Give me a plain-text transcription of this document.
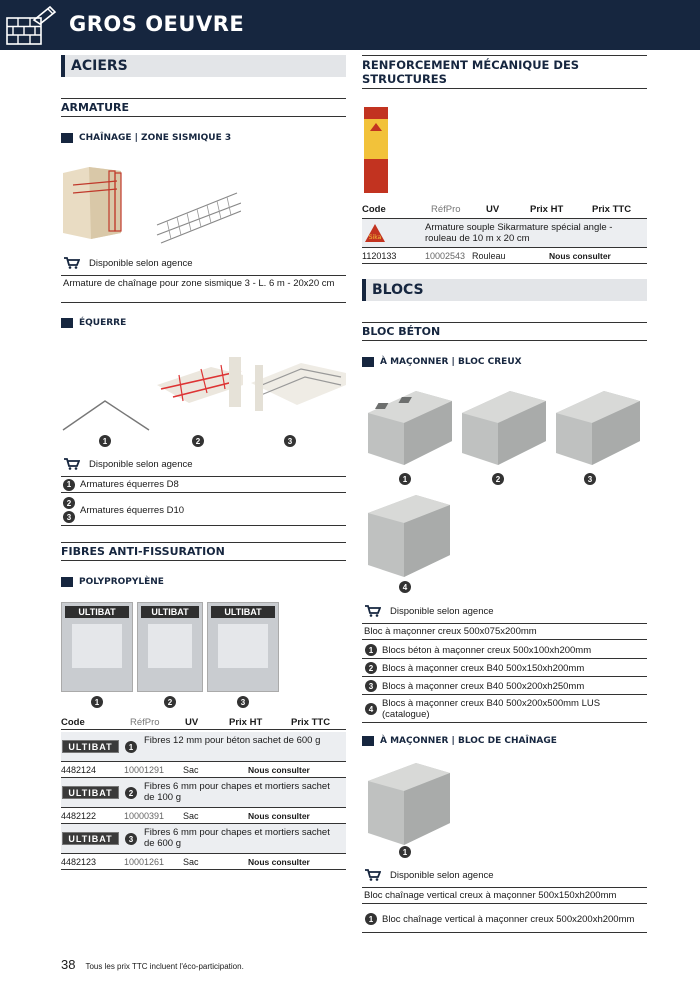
GROS OEUVRE
ACIERS
ARMATURE
CHAÎNAGE | ZONE SISMIQUE 3
Disponible selon agence
Armature de chaînage pour zone sismique 3 - L. 6 m - 20x20 cm
ÉQUERRE
1	2	3
Disponible selon agence
1 Armatures équerres D8
2
3
Armatures équerres D10
FIBRES ANTI-FISSURATION
POLYPROPYLÈNE
ULTIBAT	ULTIBAT	ULTIBAT
1	2	3
Code	RéfPro	UV	Prix HT	Prix TTC
ULTIBAT	1
Fibres 12 mm pour béton sachet de 600 g
4482124	10001291 Sac	Nous consulter
ULTIBAT	2
Fibres 6 mm pour chapes et mortiers sachet de 100 g
4482122	10000391 Sac	Nous consulter
ULTIBAT	3
Fibres 6 mm pour chapes et mortiers sachet de 600 g
4482123	10001261 Sac	Nous consulter
RENFORCEMENT MÉCANIQUE DES STRUCTURES
Code	RéfPro	UV	Prix HT	Prix TTC
Sika
Armature souple Sikarmature spécial angle - rouleau de 10 m x 20 cm
1120133	10002543 Rouleau	Nous consulter
BLOCS
BLOC BÉTON
À MAÇONNER | BLOC CREUX
1	2	3
4
Disponible selon agence
Bloc à maçonner creux 500x075x200mm
1 Blocs béton à maçonner creux 500x100xh200mm
2 Blocs à maçonner creux B40 500x150xh200mm
3 Blocs à maçonner creux B40 500x200xh250mm
4 Blocs à maçonner creux B40 500x200x500mm LUS (catalogue)
À MAÇONNER | BLOC DE CHAÎNAGE
1
Disponible selon agence
Bloc chaînage vertical creux à maçonner 500x150xh200mm
1 Bloc chaînage vertical à maçonner creux 500x200xh200mm
38 Tous les prix TTC incluent l'éco-participation.
